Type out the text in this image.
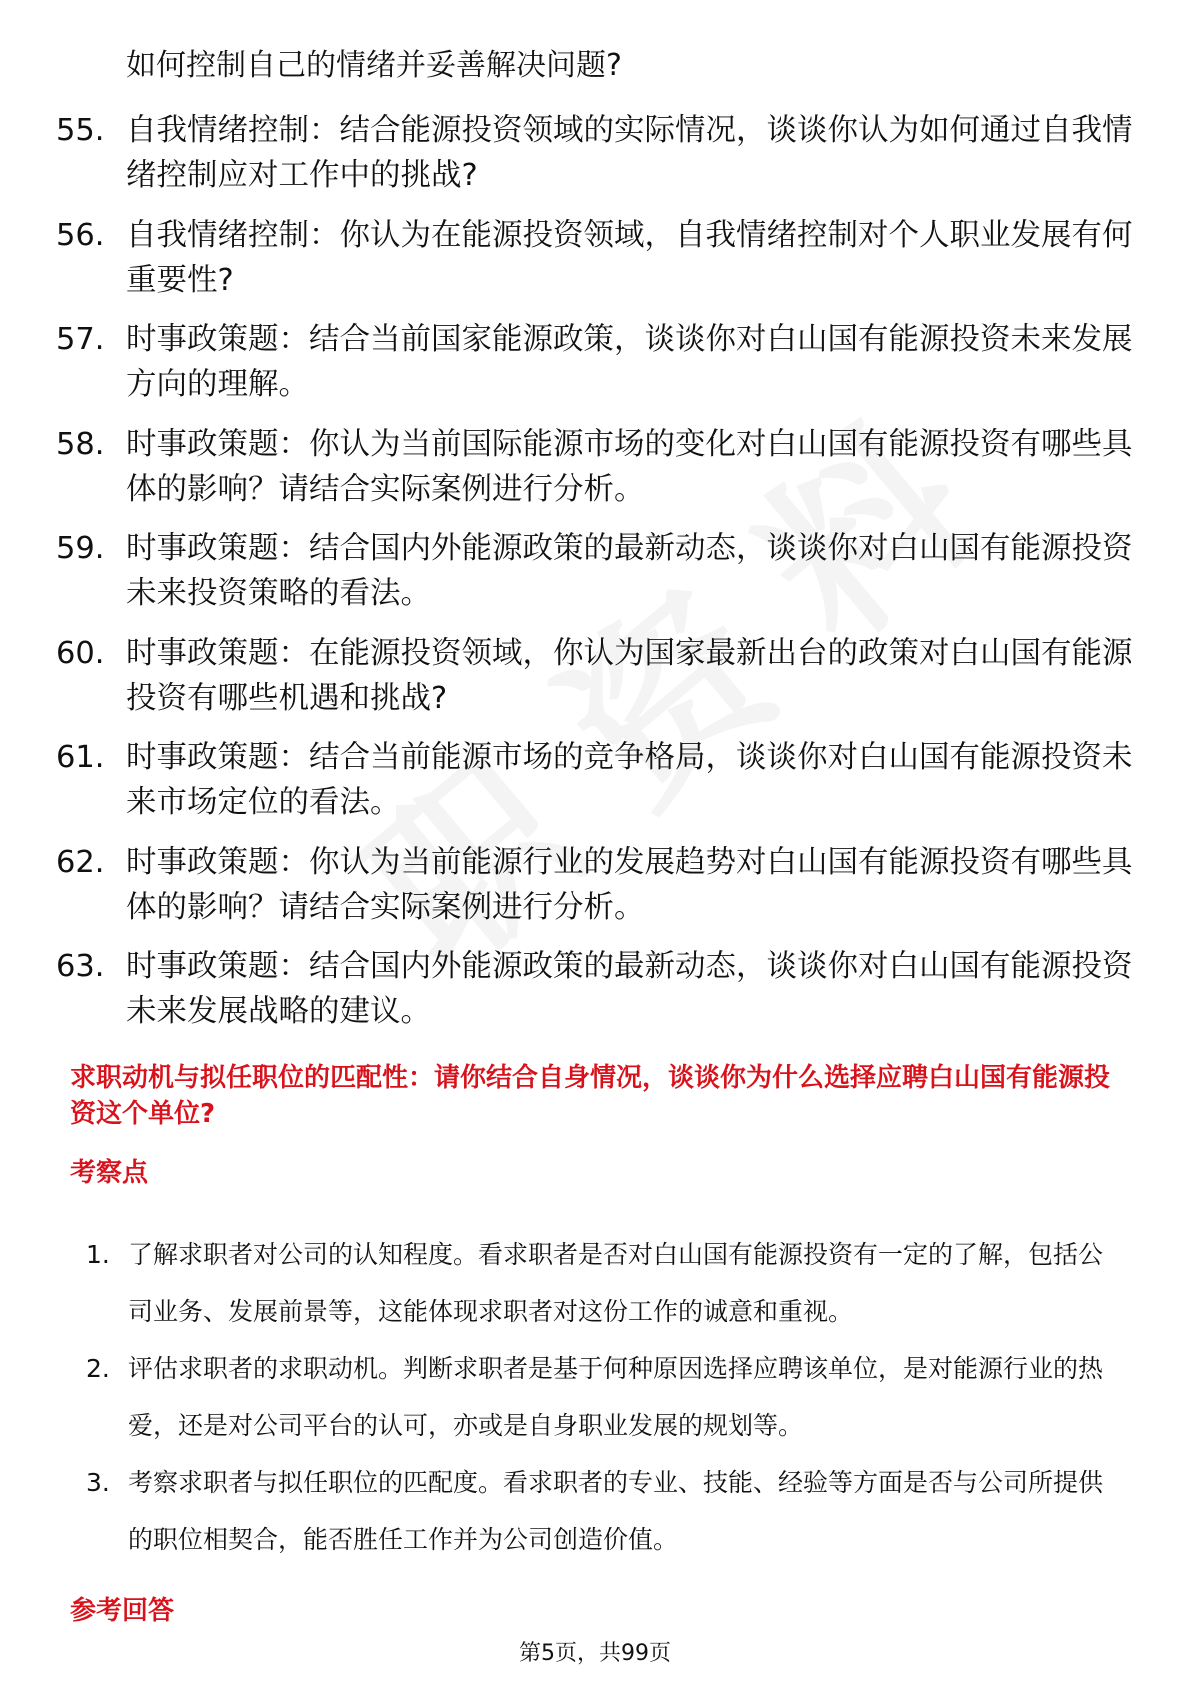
如何控制自己的情绪并妥善解决问题?
55. 自我情绪控制：结合能源投资领域的实际情况，谈谈你认为如何通过自我情绪控制应对工作中的挑战?
56. 自我情绪控制：你认为在能源投资领域，自我情绪控制对个人职业发展有何重要性?
57. 时事政策题：结合当前国家能源政策，谈谈你对白山国有能源投资未来发展方向的理解。
58. 时事政策题：你认为当前国际能源市场的变化对白山国有能源投资有哪些具体的影响？请结合实际案例进行分析。
59. 时事政策题：结合国内外能源政策的最新动态，谈谈你对白山国有能源投资未来投资策略的看法。
60. 时事政策题：在能源投资领域，你认为国家最新出台的政策对白山国有能源投资有哪些机遇和挑战?
61. 时事政策题：结合当前能源市场的竞争格局，谈谈你对白山国有能源投资未来市场定位的看法。
62. 时事政策题：你认为当前能源行业的发展趋势对白山国有能源投资有哪些具体的影响？请结合实际案例进行分析。
63. 时事政策题：结合国内外能源政策的最新动态，谈谈你对白山国有能源投资未来发展战略的建议。
求职动机与拟任职位的匹配性：请你结合自身情况，谈谈你为什么选择应聘白山国有能源投资这个单位?
考察点
1. 了解求职者对公司的认知程度。看求职者是否对白山国有能源投资有一定的了解，包括公司业务、发展前景等，这能体现求职者对这份工作的诚意和重视。
2. 评估求职者的求职动机。判断求职者是基于何种原因选择应聘该单位，是对能源行业的热爱，还是对公司平台的认可，亦或是自身职业发展的规划等。
3. 考察求职者与拟任职位的匹配度。看求职者的专业、技能、经验等方面是否与公司所提供的职位相契合，能否胜任工作并为公司创造价值。
参考回答
第5页，共99页
